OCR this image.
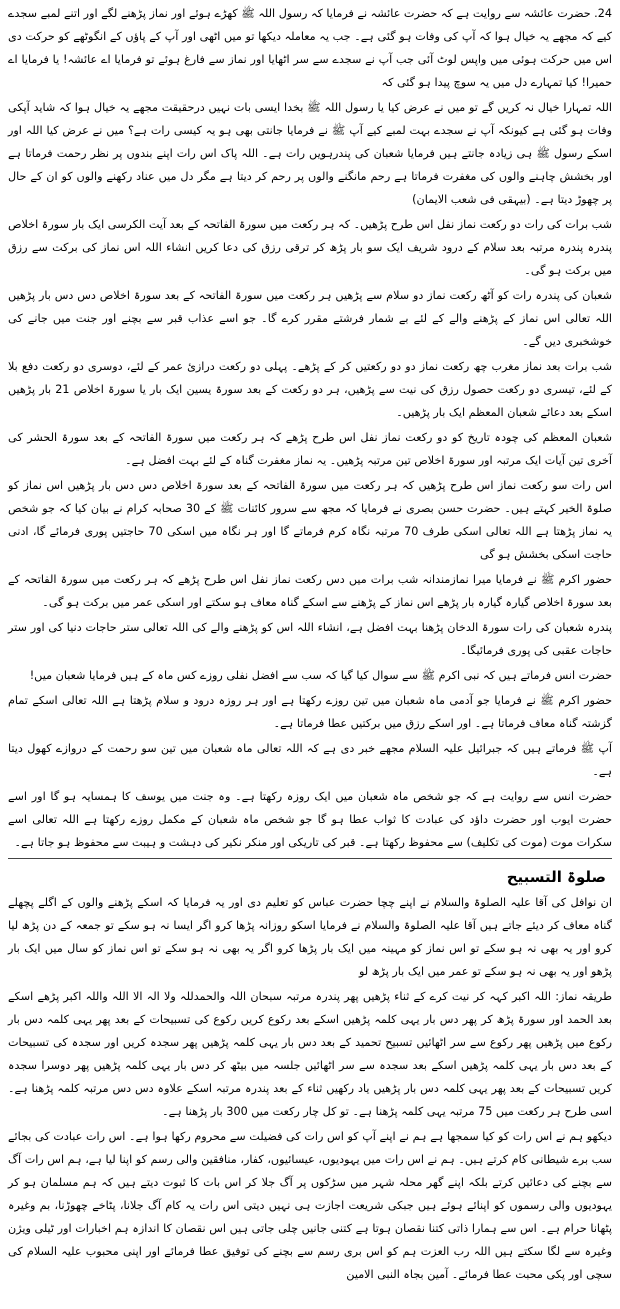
24. حضرت عائشہ سے روایت ہے کہ حضرت عائشہ نے فرمایا کہ رسول اللہ ﷺ کھڑے ہوئے اور نماز پڑھنے لگے اور اتنے لمبے سجدے کیے کہ مجھے یہ خیال ہوا کہ آپ کی وفات ہو گئی ہے۔ جب یہ معاملہ دیکھا تو میں اٹھی اور آپ کے پاؤں کے انگوٹھے کو حرکت دی اس میں حرکت ہوئی میں واپس لوٹ آئی جب آپ نے سجدے سے سر اٹھایا اور نماز سے فارغ ہوئے تو فرمایا اے عائشہ! یا فرمایا اے حمیرا! کیا تمہارے دل میں یہ سوچ پیدا ہو گئی کہ

اللہ تمہارا خیال نہ کریں گے تو میں نے عرض کیا یا رسول اللہ ﷺ بخدا ایسی بات نہیں درحقیقت مجھے یہ خیال ہوا کہ شاید آپکی وفات ہو گئی ہے کیونکہ آپ نے سجدے بہت لمبے کیے آپ ﷺ نے فرمایا جانتی بھی ہو یہ کیسی رات ہے؟ میں نے عرض کیا اللہ اور اسکے رسول ﷺ ہی زیادہ جانتے ہیں فرمایا شعبان کی پندرہویں رات ہے۔ اللہ پاک اس رات اپنے بندوں پر نظر رحمت فرماتا ہے اور بخشش چاہنے والوں کی مغفرت فرماتا ہے رحم مانگنے والوں پر رحم کر دیتا ہے مگر دل میں عناد رکھنے والوں کو ان کے حال پر چھوڑ دیتا ہے۔ (بیہقی فی شعب الایمان)

شب برات کی رات دو رکعت نماز نفل اس طرح پڑھیں۔ کہ ہر رکعت میں سورۃ الفاتحہ کے بعد آیت الکرسی ایک بار سورۃ اخلاص پندرہ پندرہ مرتبہ بعد سلام کے درود شریف ایک سو بار پڑھ کر ترقی رزق کی دعا کریں انشاء اللہ اس نماز کی برکت سے رزق میں برکت ہو گی۔

شعبان کی پندرہ رات کو آٹھ رکعت نماز دو سلام سے پڑھیں ہر رکعت میں سورۃ الفاتحہ کے بعد سورۃ اخلاص دس دس بار پڑھیں اللہ تعالی اس نماز کے پڑھنے والے کے لئے بے شمار فرشتے مقرر کرے گا۔ جو اسے عذاب قبر سے بچنے اور جنت میں جانے کی خوشخبری دیں گے۔

شب برات بعد نماز مغرب چھ رکعت نماز دو دو رکعتیں کر کے پڑھے۔ پہلی دو رکعت درازئ عمر کے لئے، دوسری دو رکعت دفع بلا کے لئے، تیسری دو رکعت حصول رزق کی نیت سے پڑھیں، ہر دو رکعت کے بعد سورۃ یسین ایک بار یا سورۃ اخلاص 21 بار پڑھیں اسکے بعد دعائے شعبان المعظم ایک بار پڑھیں۔

شعبان المعظم کی چودہ تاریخ کو دو رکعت نماز نفل اس طرح پڑھے کہ ہر رکعت میں سورۃ الفاتحہ کے بعد سورۃ الحشر کی آخری تین آیات ایک مرتبہ اور سورۃ اخلاص تین مرتبہ پڑھیں۔ یہ نماز مغفرت گناہ کے لئے بہت افضل ہے۔

اس رات سو رکعت نماز اس طرح پڑھیں کہ ہر رکعت میں سورۃ الفاتحہ کے بعد سورۃ اخلاص دس دس بار پڑھیں اس نماز کو صلوۃ الخیر کہتے ہیں۔ حضرت حسن بصری نے فرمایا کہ مجھ سے سرور کائنات ﷺ کے 30 صحابہ کرام نے بیان کیا کہ جو شخص یہ نماز پڑھتا ہے اللہ تعالی اسکی طرف 70 مرتبہ نگاہ کرم فرماتے گا اور ہر نگاہ میں اسکی 70 حاجتیں پوری فرمائے گا، ادنی حاجت اسکی بخشش ہو گی

حضور اکرم ﷺ نے فرمایا میرا نمازمندانہ شب برات میں دس رکعت نماز نفل اس طرح پڑھے کہ ہر رکعت میں سورۃ الفاتحہ کے بعد سورۃ اخلاص گیارہ گیارہ بار پڑھے اس نماز کے پڑھنے سے اسکے گناہ معاف ہو سکتے اور اسکی عمر میں برکت ہو گی۔

پندرہ شعبان کی رات سورۃ الدخان پڑھنا بہت افضل ہے، انشاء اللہ اس کو پڑھنے والے کی اللہ تعالی ستر حاجات دنیا کی اور ستر حاجات عقبی کی پوری فرمائیگا۔

حضرت انس فرماتے ہیں کہ نبی اکرم ﷺ سے سوال کیا گیا کہ سب سے افضل نفلی روزے کس ماہ کے ہیں فرمایا شعبان میں!

حضور اکرم ﷺ نے فرمایا جو آدمی ماہ شعبان میں تین روزے رکھتا ہے اور ہر روزہ درود و سلام پڑھتا ہے اللہ تعالی اسکے تمام گزشتہ گناہ معاف فرماتا ہے۔ اور اسکے رزق میں برکتیں عطا فرماتا ہے۔

آپ ﷺ فرماتے ہیں کہ جبرائیل علیہ السلام مجھے خبر دی ہے کہ اللہ تعالی ماہ شعبان میں تین سو رحمت کے دروازے کھول دیتا ہے۔

حضرت انس سے روایت ہے کہ جو شخص ماہ شعبان میں ایک روزہ رکھتا ہے۔ وہ جنت میں یوسف کا ہمسایہ ہو گا اور اسے حضرت ایوب اور حضرت داؤد کی عبادت کا ثواب عطا ہو گا جو شخص ماہ شعبان کے مکمل روزے رکھتا ہے اللہ تعالی اسے سکرات موت (موت کی تکلیف) سے محفوظ رکھتا ہے۔ قبر کی تاریکی اور منکر نکیر کی دہشت و ہیبت سے محفوظ ہو جاتا ہے۔

صلوۃ التسبیح

ان نوافل کی آقا علیہ الصلوۃ والسلام نے اپنے چچا حضرت عباس کو تعلیم دی اور یہ فرمایا کہ اسکے پڑھنے والوں کے اگلے پچھلے گناہ معاف کر دیئے جاتے ہیں آقا علیہ الصلوۃ والسلام نے فرمایا اسکو روزانہ پڑھا کرو اگر ایسا نہ ہو سکے تو جمعہ کے دن پڑھ لیا کرو اور یہ بھی نہ ہو سکے تو اس نماز کو مہینہ میں ایک بار پڑھا کرو اگر یہ بھی نہ ہو سکے تو اس نماز کو سال میں ایک بار پڑھو اور یہ بھی نہ ہو سکے تو عمر میں ایک بار پڑھ لو

طریقہ نماز: اللہ اکبر کہہ کر نیت کرے کے ثناء پڑھیں پھر پندرہ مرتبہ سبحان اللہ والحمدللہ ولا الہ الا اللہ واللہ اکبر پڑھے اسکے بعد الحمد اور سورۃ پڑھ کر پھر دس بار یہی کلمہ پڑھیں اسکے بعد رکوع کریں رکوع کی تسبیحات کے بعد پھر یہی کلمہ دس بار رکوع میں پڑھیں پھر رکوع سے سر اٹھائیں تسبیح تحمید کے بعد دس بار یہی کلمہ پڑھیں پھر سجدہ کریں اور سجدہ کی تسبیحات کے بعد دس بار یہی کلمہ پڑھیں اسکے بعد سجدہ سے سر اٹھائیں جلسہ میں بیٹھ کر دس بار یہی کلمہ پڑھیں پھر دوسرا سجدہ کریں تسبیحات کے بعد پھر یہی کلمہ دس بار پڑھیں یاد رکھیں ثناء کے بعد پندرہ مرتبہ اسکے علاوہ دس دس مرتبہ کلمہ پڑھنا ہے۔ اسی طرح ہر رکعت میں 75 مرتبہ یہی کلمہ پڑھنا ہے۔ تو کل چار رکعت میں 300 بار پڑھنا ہے۔

دیکھو ہم نے اس رات کو کیا سمجھا ہے ہم نے اپنے آپ کو اس رات کی فضیلت سے محروم رکھا ہوا ہے۔ اس رات عبادت کی بجائے سب برے شیطانی کام کرتے ہیں۔ ہم نے اس رات میں یہودیوں، عیسائیوں، کفار، منافقین والی رسم کو اپنا لیا ہے، ہم اس رات آگ سے بچنے کی دعائیں کرتے بلکہ اپنے گھر محلہ شہر میں سڑکوں پر آگ جلا کر اس بات کا ثبوت دیتے ہیں کہ ہم مسلمان ہو کر یہودیوں والی رسموں کو اپنائے ہوئے ہیں جبکی شریعت اجازت ہی نہیں دیتی اس رات یہ کام آگ جلانا، پٹاخے چھوڑنا، بم وغیرہ پٹھانا حرام ہے۔ اس سے ہمارا ذاتی کتنا نقصان ہوتا ہے کتنی جانیں چلی جاتی ہیں اس نقصان کا اندازہ ہم اخبارات اور ٹیلی ویژن وغیرہ سے لگا سکتے ہیں اللہ رب العزت ہم کو اس بری رسم سے بچنے کی توفیق عطا فرمائے اور اپنی محبوب علیہ السلام کی سچی اور پکی محبت عطا فرمائے۔ آمین بجاہ النبی الامین
